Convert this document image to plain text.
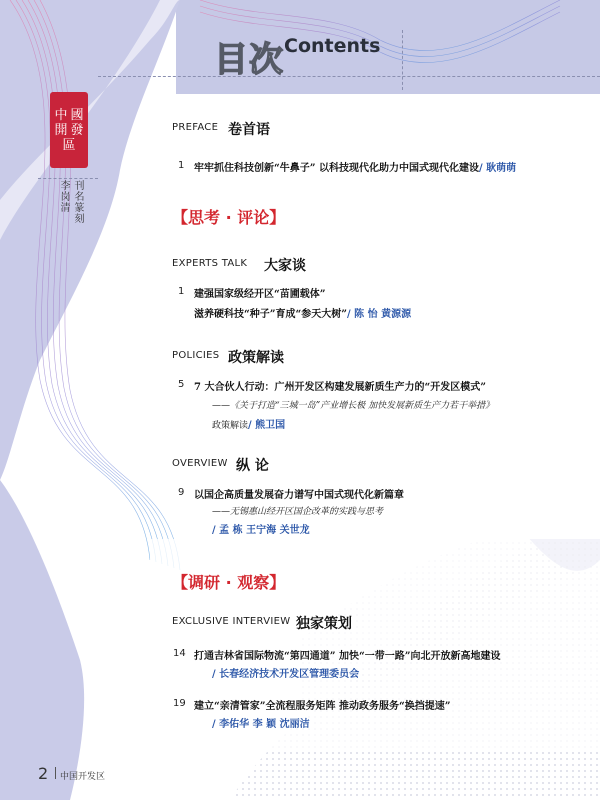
目次 Contents
中 國
開 發
區
刊名篆刻
李岗清
PREFACE 卷首语
1 牢牢抓住科技创新“牛鼻子” 以科技现代化助力中国式现代化建设/ 耿萌萌
【思考 · 评论】
EXPERTS TALK 大家谈
1 建强国家级经开区“苗圃载体”
滋养硬科技“种子”育成“参天大树”/ 陈 怡 黄源源
POLICIES 政策解读
5 7 大合伙人行动：广州开发区构建发展新质生产力的“开发区模式”
——《关于打造“三城一岛”产业增长极 加快发展新质生产力若干举措》
政策解读/ 熊卫国
OVERVIEW 纵 论
9 以国企高质量发展奋力谱写中国式现代化新篇章
——无锡惠山经开区国企改革的实践与思考
/ 孟 栋 王宁海 关世龙
【调研 · 观察】
EXCLUSIVE INTERVIEW 独家策划
14 打通吉林省国际物流“第四通道” 加快“一带一路”向北开放新高地建设
/ 长春经济技术开发区管理委员会
19 建立“亲清管家”全流程服务矩阵 推动政务服务“换挡提速”
/ 李佑华 李 颖 沈丽洁
2 中国开发区
